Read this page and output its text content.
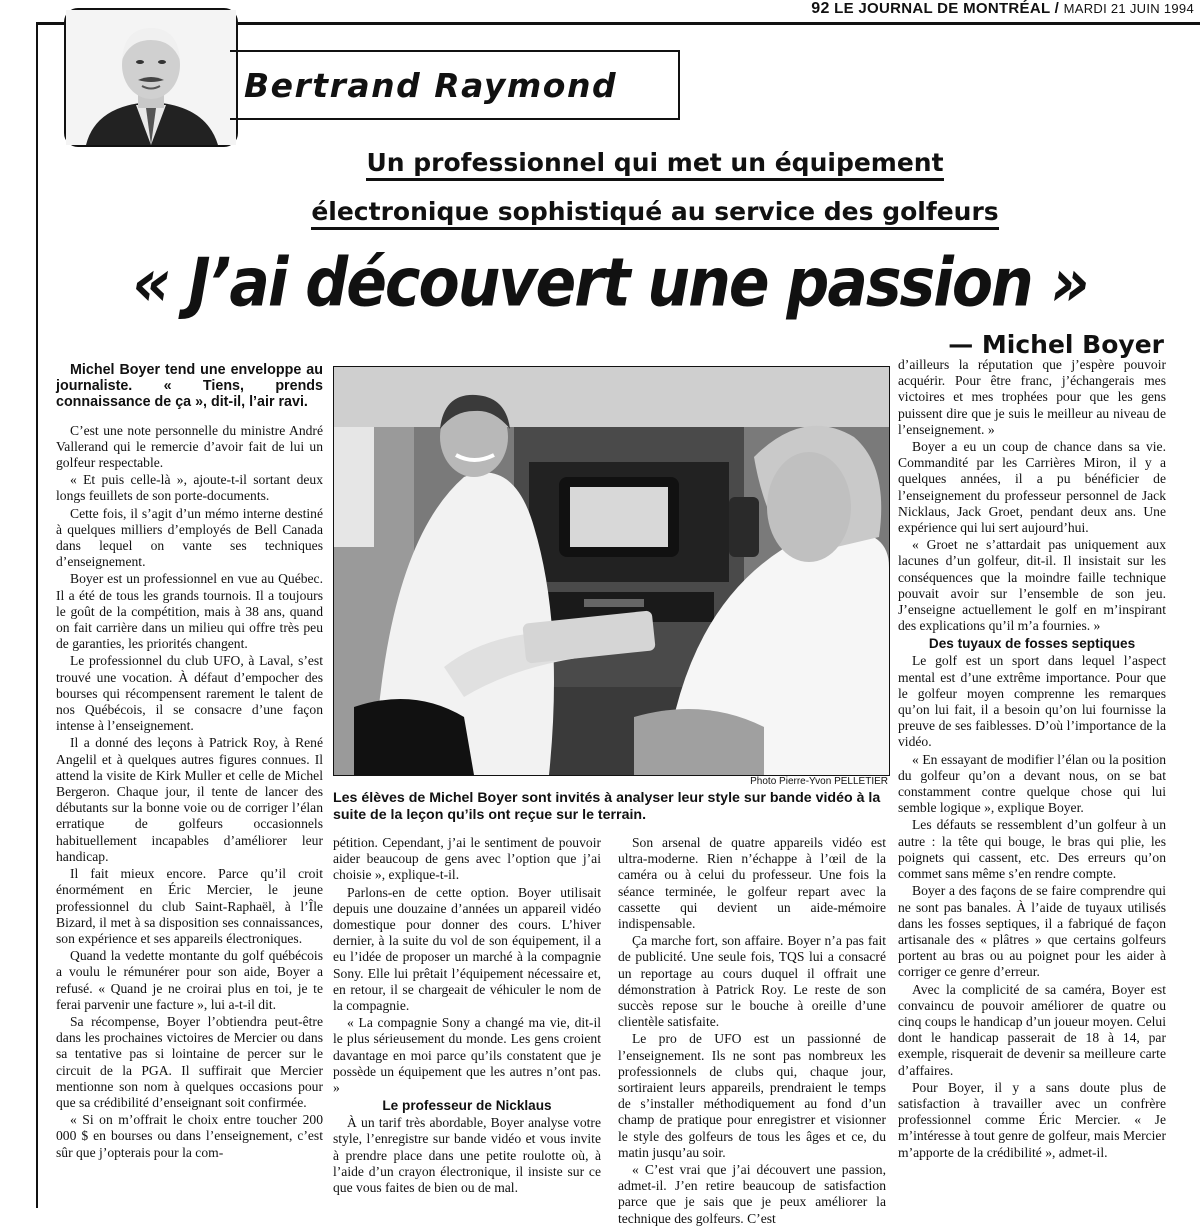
92 LE JOURNAL DE MONTRÉAL / MARDI 21 JUIN 1994
Bertrand Raymond
Un professionnel qui met un équipement
électronique sophistiqué au service des golfeurs
« J’ai découvert une passion »
— Michel Boyer

Michel Boyer tend une enveloppe au journaliste. « Tiens, prends connaissance de ça », dit-il, l’air ravi.

C’est une note personnelle du ministre André Vallerand qui le remercie d’avoir fait de lui un golfeur respectable.

« Et puis celle-là », ajoute-t-il sortant deux longs feuillets de son porte-documents.

Cette fois, il s’agit d’un mémo interne destiné à quelques milliers d’employés de Bell Canada dans lequel on vante ses techniques d’enseignement.

Boyer est un professionnel en vue au Québec. Il a été de tous les grands tournois. Il a toujours le goût de la compétition, mais à 38 ans, quand on fait carrière dans un milieu qui offre très peu de garanties, les priorités changent.

Le professionnel du club UFO, à Laval, s’est trouvé une vocation. À défaut d’empocher des bourses qui récompensent rarement le talent de nos Québécois, il se consacre d’une façon intense à l’enseignement.

Il a donné des leçons à Patrick Roy, à René Angelil et à quelques autres figures connues. Il attend la visite de Kirk Muller et celle de Michel Bergeron. Chaque jour, il tente de lancer des débutants sur la bonne voie ou de corriger l’élan erratique de golfeurs occasionnels habituellement incapables d’améliorer leur handicap.

Il fait mieux encore. Parce qu’il croit énormément en Éric Mercier, le jeune professionnel du club Saint-Raphaël, à l’Île Bizard, il met à sa disposition ses connaissances, son expérience et ses appareils électroniques.

Quand la vedette montante du golf québécois a voulu le rémunérer pour son aide, Boyer a refusé. « Quand je ne croirai plus en toi, je te ferai parvenir une facture », lui a-t-il dit.

Sa récompense, Boyer l’obtiendra peut-être dans les prochaines victoires de Mercier ou dans sa tentative pas si lointaine de percer sur le circuit de la PGA. Il suffirait que Mercier mentionne son nom à quelques occasions pour que sa crédibilité d’enseignant soit confirmée.

« Si on m’offrait le choix entre toucher 200 000 $ en bourses ou dans l’enseignement, c’est sûr que j’opterais pour la com-

Photo Pierre-Yvon PELLETIER
Les élèves de Michel Boyer sont invités à analyser leur style sur bande vidéo à la suite de la leçon qu’ils ont reçue sur le terrain.

pétition. Cependant, j’ai le sentiment de pouvoir aider beaucoup de gens avec l’option que j’ai choisie », explique-t-il.

Parlons-en de cette option. Boyer utilisait depuis une douzaine d’années un appareil vidéo domestique pour donner des cours. L’hiver dernier, à la suite du vol de son équipement, il a eu l’idée de proposer un marché à la compagnie Sony. Elle lui prêtait l’équipement nécessaire et, en retour, il se chargeait de véhiculer le nom de la compagnie.

« La compagnie Sony a changé ma vie, dit-il le plus sérieusement du monde. Les gens croient davantage en moi parce qu’ils constatent que je possède un équipement que les autres n’ont pas. »

Le professeur de Nicklaus

À un tarif très abordable, Boyer analyse votre style, l’enregistre sur bande vidéo et vous invite à prendre place dans une petite roulotte où, à l’aide d’un crayon électronique, il insiste sur ce que vous faites de bien ou de mal.

Son arsenal de quatre appareils vidéo est ultra-moderne. Rien n’échappe à l’œil de la caméra ou à celui du professeur. Une fois la séance terminée, le golfeur repart avec la cassette qui devient un aide-mémoire indispensable.

Ça marche fort, son affaire. Boyer n’a pas fait de publicité. Une seule fois, TQS lui a consacré un reportage au cours duquel il offrait une démonstration à Patrick Roy. Le reste de son succès repose sur le bouche à oreille d’une clientèle satisfaite.

Le pro de UFO est un passionné de l’enseignement. Ils ne sont pas nombreux les professionnels de clubs qui, chaque jour, sortiraient leurs appareils, prendraient le temps de s’installer méthodiquement au fond d’un champ de pratique pour enregistrer et visionner le style des golfeurs de tous les âges et ce, du matin jusqu’au soir.

« C’est vrai que j’ai découvert une passion, admet-il. J’en retire beaucoup de satisfaction parce que je sais que je peux améliorer la technique des golfeurs. C’est

d’ailleurs la réputation que j’espère pouvoir acquérir. Pour être franc, j’échangerais mes victoires et mes trophées pour que les gens puissent dire que je suis le meilleur au niveau de l’enseignement. »

Boyer a eu un coup de chance dans sa vie. Commandité par les Carrières Miron, il y a quelques années, il a pu bénéficier de l’enseignement du professeur personnel de Jack Nicklaus, Jack Groet, pendant deux ans. Une expérience qui lui sert aujourd’hui.

« Groet ne s’attardait pas uniquement aux lacunes d’un golfeur, dit-il. Il insistait sur les conséquences que la moindre faille technique pouvait avoir sur l’ensemble de son jeu. J’enseigne actuellement le golf en m’inspirant des explications qu’il m’a fournies. »

Des tuyaux de fosses septiques

Le golf est un sport dans lequel l’aspect mental est d’une extrême importance. Pour que le golfeur moyen comprenne les remarques qu’on lui fait, il a besoin qu’on lui fournisse la preuve de ses faiblesses. D’où l’importance de la vidéo.

« En essayant de modifier l’élan ou la position du golfeur qu’on a devant nous, on se bat constamment contre quelque chose qui lui semble logique », explique Boyer.

Les défauts se ressemblent d’un golfeur à un autre : la tête qui bouge, le bras qui plie, les poignets qui cassent, etc. Des erreurs qu’on commet sans même s’en rendre compte.

Boyer a des façons de se faire comprendre qui ne sont pas banales. À l’aide de tuyaux utilisés dans les fosses septiques, il a fabriqué de façon artisanale des « plâtres » que certains golfeurs portent au bras ou au poignet pour les aider à corriger ce genre d’erreur.

Avec la complicité de sa caméra, Boyer est convaincu de pouvoir améliorer de quatre ou cinq coups le handicap d’un joueur moyen. Celui dont le handicap passerait de 18 à 14, par exemple, risquerait de devenir sa meilleure carte d’affaires.

Pour Boyer, il y a sans doute plus de satisfaction à travailler avec un confrère professionnel comme Éric Mercier. « Je m’intéresse à tout genre de golfeur, mais Mercier m’apporte de la crédibilité », admet-il.
